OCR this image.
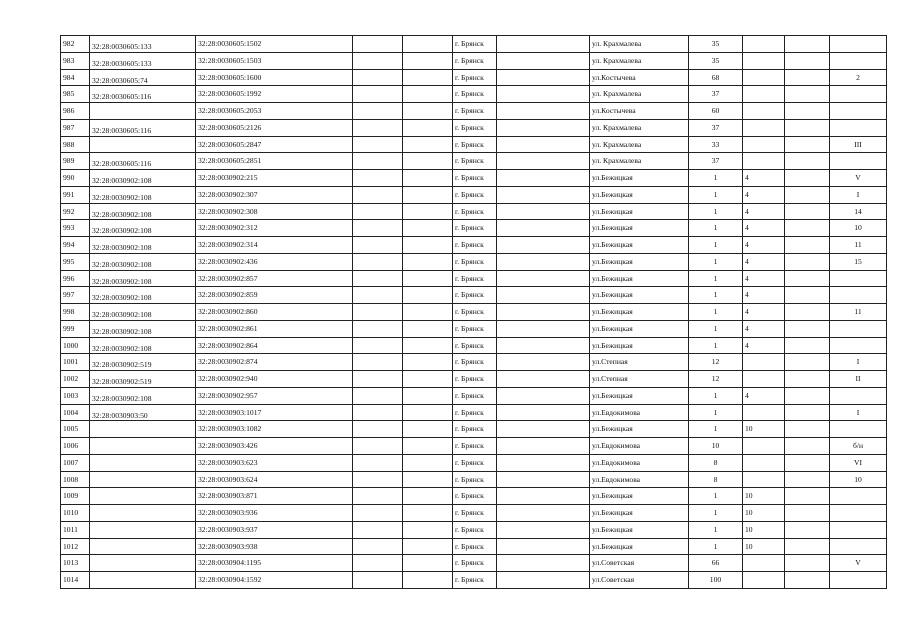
982	32:28:0030605:133	32:28:0030605:1502			г. Брянск		ул. Крахмалева	35			
983	32:28:0030605:133	32:28:0030605:1503			г. Брянск		ул. Крахмалева	35			
984	32:28:0030605:74	32:28:0030605:1600			г. Брянск		ул.Костычева	68			2
985	32:28:0030605:116	32:28:0030605:1992			г. Брянск		ул. Крахмалева	37			
986		32:28:0030605:2053			г. Брянск		ул.Костычева	60			
987	32:28:0030605:116	32:28:0030605:2126			г. Брянск		ул. Крахмалева	37			
988		32:28:0030605:2847			г. Брянск		ул. Крахмалева	33			III
989	32:28:0030605:116	32:28:0030605:2851			г. Брянск		ул. Крахмалева	37			
990	32:28:0030902:108	32:28:0030902:215			г. Брянск		ул.Бежицкая	1	4		V
991	32:28:0030902:108	32:28:0030902:307			г. Брянск		ул.Бежицкая	1	4		I
992	32:28:0030902:108	32:28:0030902:308			г. Брянск		ул.Бежицкая	1	4		14
993	32:28:0030902:108	32:28:0030902:312			г. Брянск		ул.Бежицкая	1	4		10
994	32:28:0030902:108	32:28:0030902:314			г. Брянск		ул.Бежицкая	1	4		11
995	32:28:0030902:108	32:28:0030902:436			г. Брянск		ул.Бежицкая	1	4		15
996	32:28:0030902:108	32:28:0030902:857			г. Брянск		ул.Бежицкая	1	4		
997	32:28:0030902:108	32:28:0030902:859			г. Брянск		ул.Бежицкая	1	4		
998	32:28:0030902:108	32:28:0030902:860			г. Брянск		ул.Бежицкая	1	4		11
999	32:28:0030902:108	32:28:0030902:861			г. Брянск		ул.Бежицкая	1	4		
1000	32:28:0030902:108	32:28:0030902:864			г. Брянск		ул.Бежицкая	1	4		
1001	32:28:0030902:519	32:28:0030902:874			г. Брянск		ул.Степная	12			I
1002	32:28:0030902:519	32:28:0030902:940			г. Брянск		ул.Степная	12			II
1003	32:28:0030902:108	32:28:0030902:957			г. Брянск		ул.Бежицкая	1	4		
1004	32:28:0030903:50	32:28:0030903:1017			г. Брянск		ул.Евдокимова	1			I
1005		32:28:0030903:1082			г. Брянск		ул.Бежицкая	1	10		
1006		32:28:0030903:426			г. Брянск		ул.Евдокимова	10			б/н
1007		32:28:0030903:623			г. Брянск		ул.Евдокимова	8			VI
1008		32:28:0030903:624			г. Брянск		ул.Евдокимова	8			10
1009		32:28:0030903:871			г. Брянск		ул.Бежицкая	1	10		
1010		32:28:0030903:936			г. Брянск		ул.Бежицкая	1	10		
1011		32:28:0030903:937			г. Брянск		ул.Бежицкая	1	10		
1012		32:28:0030903:938			г. Брянск		ул.Бежицкая	1	10		
1013		32:28:0030904:1195			г. Брянск		ул.Советская	66			V
1014		32:28:0030904:1592			г. Брянск		ул.Советская	100			
